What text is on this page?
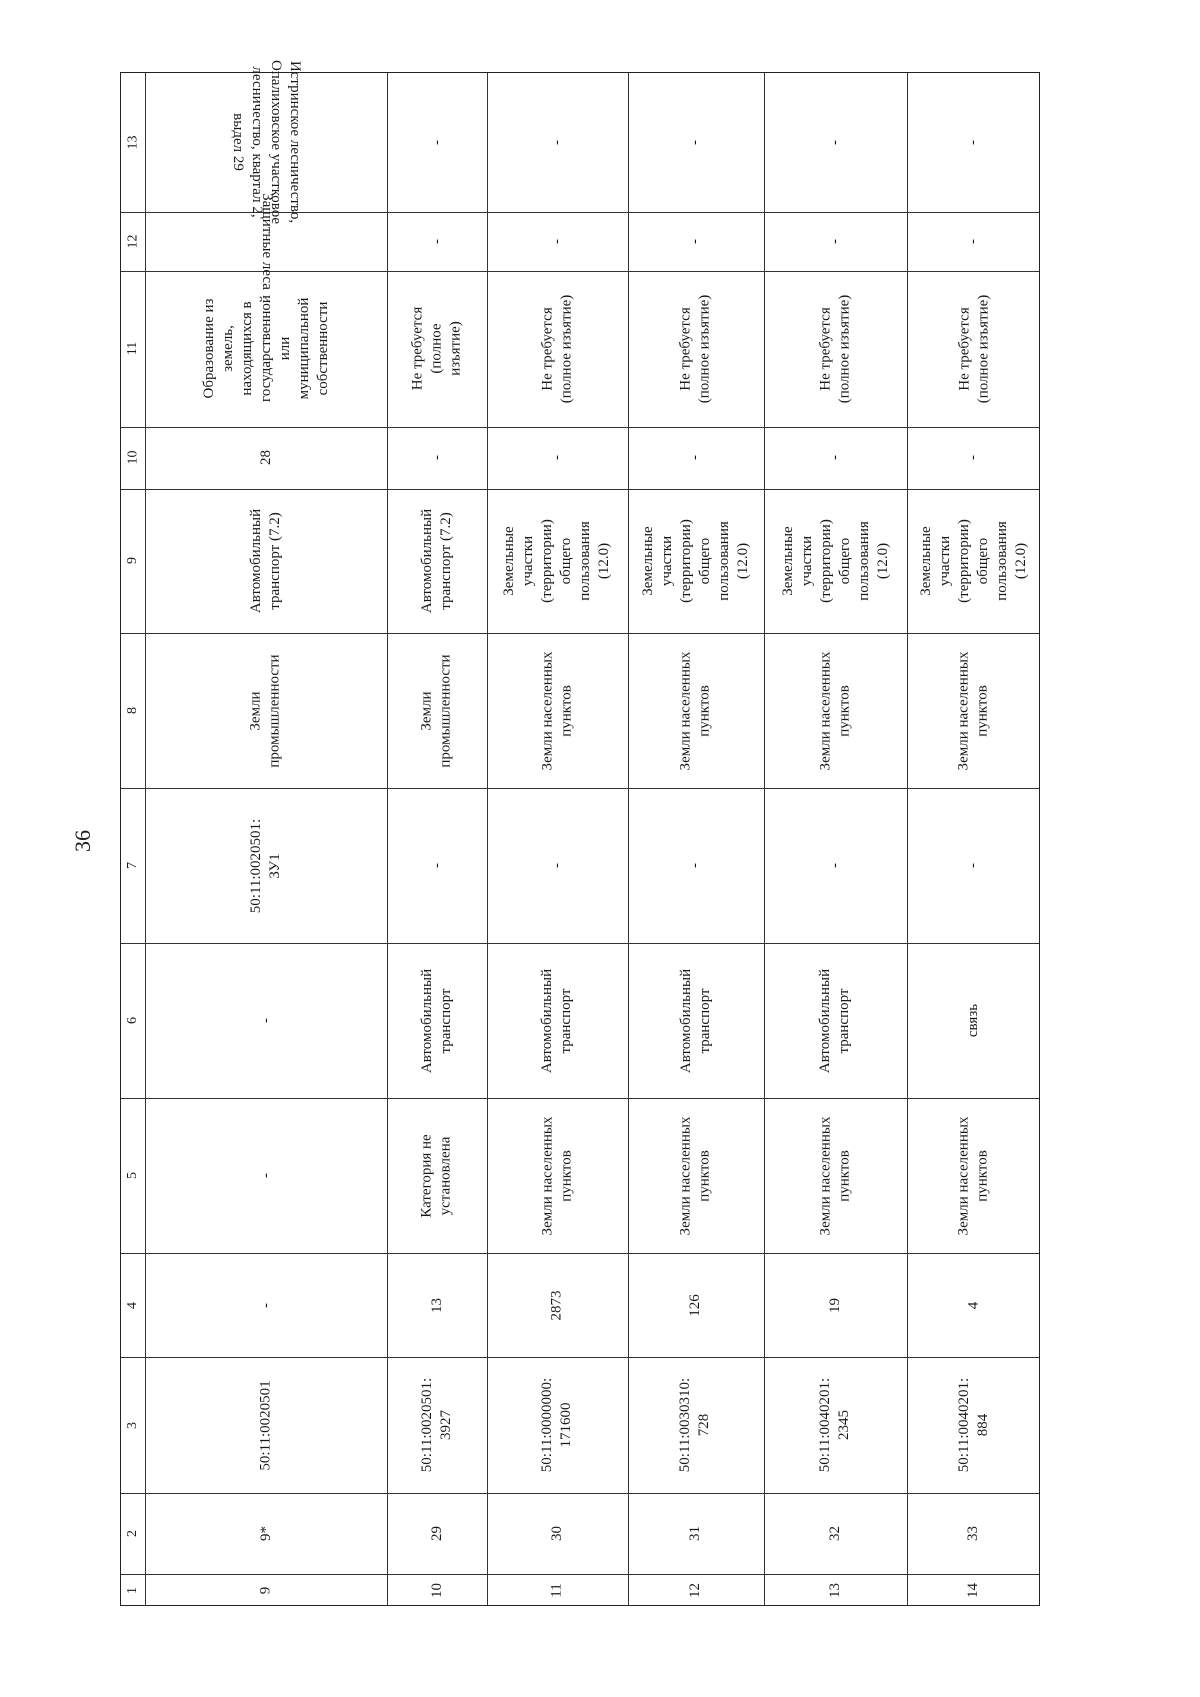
36
1
2
3
4
5
6
7
8
9
10
11
12
13
9
9*
50:11:0020501
-
-
-
50:11:0020501:
ЗУ1
Земли
промышленности
Автомобильный
транспорт (7.2)
28
Образование из
земель,
находящихся в
государственной
или
муниципальной
собственности
Защитные леса
Истринское лесничество,
Опалиховское участковое
лесничество, квартал 2,
выдел 29
10
29
50:11:0020501:
3927
13
Категория не
установлена
Автомобильный
транспорт
-
Земли
промышленности
Автомобильный
транспорт (7.2)
-
Не требуется
(полное изъятие)
-
-
11
30
50:11:0000000:
171600
2873
Земли населенных
пунктов
Автомобильный
транспорт
-
Земли населенных
пунктов
Земельные
участки
(территории)
общего
пользования
(12.0)
-
Не требуется
(полное изъятие)
-
-
12
31
50:11:0030310:
728
126
Земли населенных
пунктов
Автомобильный
транспорт
-
Земли населенных
пунктов
Земельные
участки
(территории)
общего
пользования
(12.0)
-
Не требуется
(полное изъятие)
-
-
13
32
50:11:0040201:
2345
19
Земли населенных
пунктов
Автомобильный
транспорт
-
Земли населенных
пунктов
Земельные
участки
(территории)
общего
пользования
(12.0)
-
Не требуется
(полное изъятие)
-
-
14
33
50:11:0040201:
884
4
Земли населенных
пунктов
связь
-
Земли населенных
пунктов
Земельные
участки
(территории)
общего
пользования
(12.0)
-
Не требуется
(полное изъятие)
-
-
